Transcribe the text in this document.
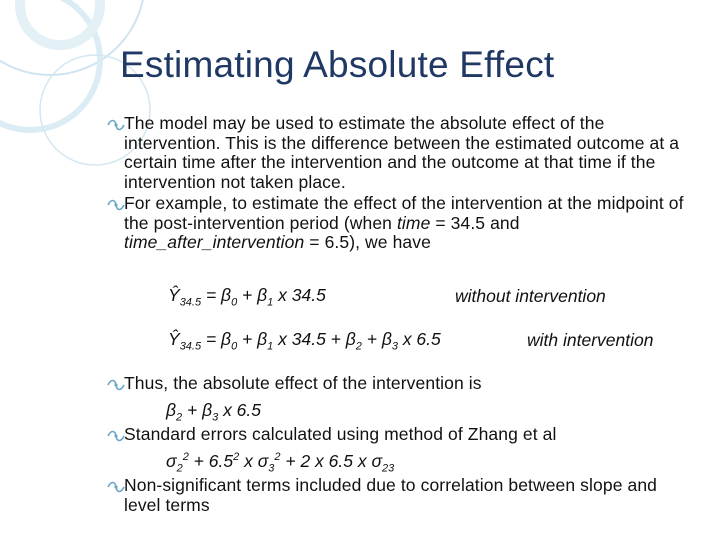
Estimating Absolute Effect
The model may be used to estimate the absolute effect of the intervention. This is the difference between the estimated outcome at a certain time after the intervention and the outcome at that time if the intervention not taken place.
For example, to estimate the effect of the intervention at the midpoint of the post-intervention period (when time = 34.5 and time_after_intervention = 6.5), we have
$Ŷ_{34.5} = \beta_0 + \beta_1$ x 34.5	without intervention
$Ŷ_{34.5} = \beta_0 + \beta_1$ x $34.5 + \beta_2 + \beta_3$ x 6.5	with intervention
Thus, the absolute effect of the intervention is
$\beta_2 + \beta_3$ x 6.5
Standard errors calculated using method of Zhang et al
$\sigma_2^2 + 6.5^2$ x $\sigma_3^2 + 2$ x 6.5 x $\sigma_{23}$
Non-significant terms included due to correlation between slope and level terms
